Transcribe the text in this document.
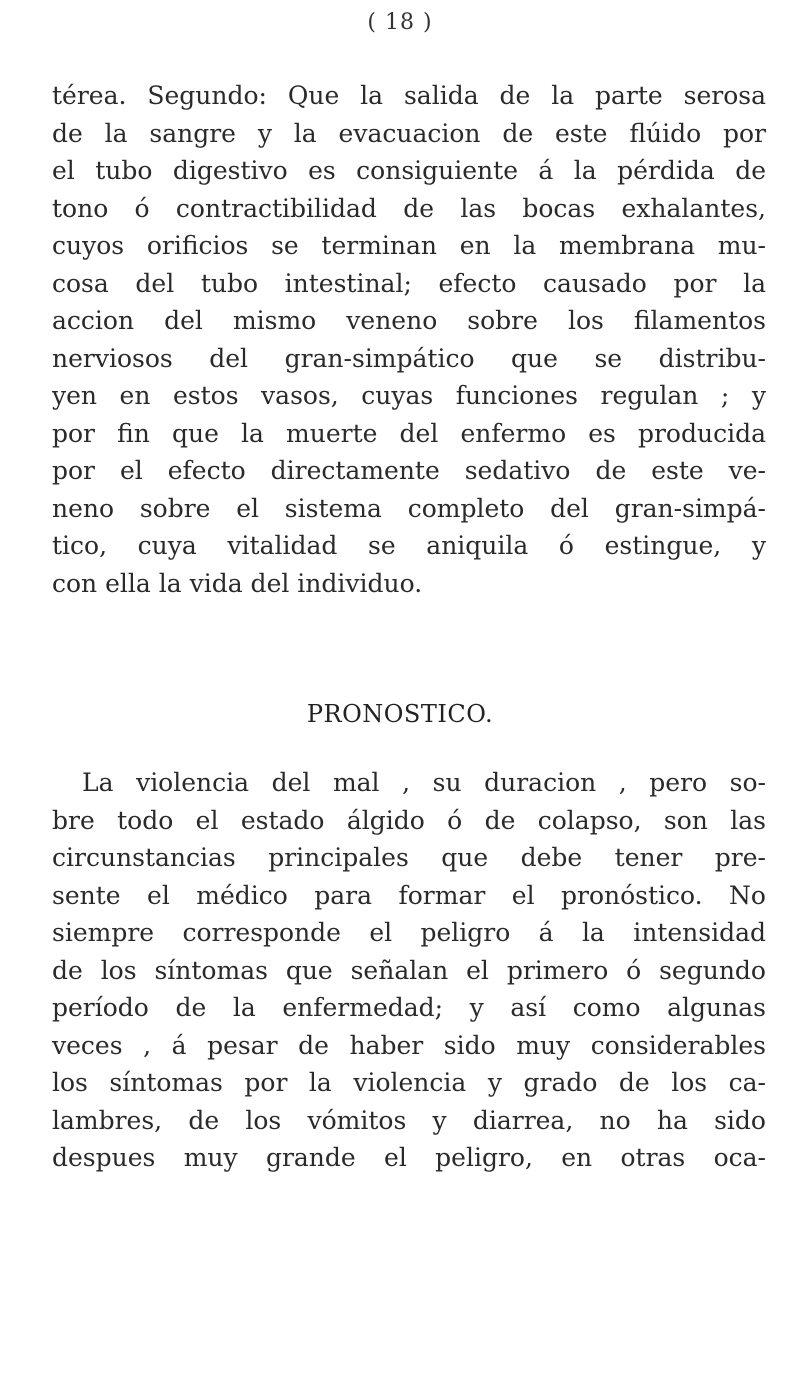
( 18 )
térea. Segundo: Que la salida de la parte serosa
de la sangre y la evacuacion de este flúido por
el tubo digestivo es consiguiente á la pérdida de
tono ó contractibilidad de las bocas exhalantes,
cuyos orificios se terminan en la membrana mu-
cosa del tubo intestinal; efecto causado por la
accion del mismo veneno sobre los filamentos
nerviosos del gran-simpático que se distribu-
yen en estos vasos, cuyas funciones regulan ; y
por fin que la muerte del enfermo es producida
por el efecto directamente sedativo de este ve-
neno sobre el sistema completo del gran-simpá-
tico, cuya vitalidad se aniquila ó estingue, y
con ella la vida del individuo.
PRONOSTICO.
La violencia del mal , su duracion , pero so-
bre todo el estado álgido ó de colapso, son las
circunstancias principales que debe tener pre-
sente el médico para formar el pronóstico. No
siempre corresponde el peligro á la intensidad
de los síntomas que señalan el primero ó segundo
período de la enfermedad; y así como algunas
veces , á pesar de haber sido muy considerables
los síntomas por la violencia y grado de los ca-
lambres, de los vómitos y diarrea, no ha sido
despues muy grande el peligro, en otras oca-
